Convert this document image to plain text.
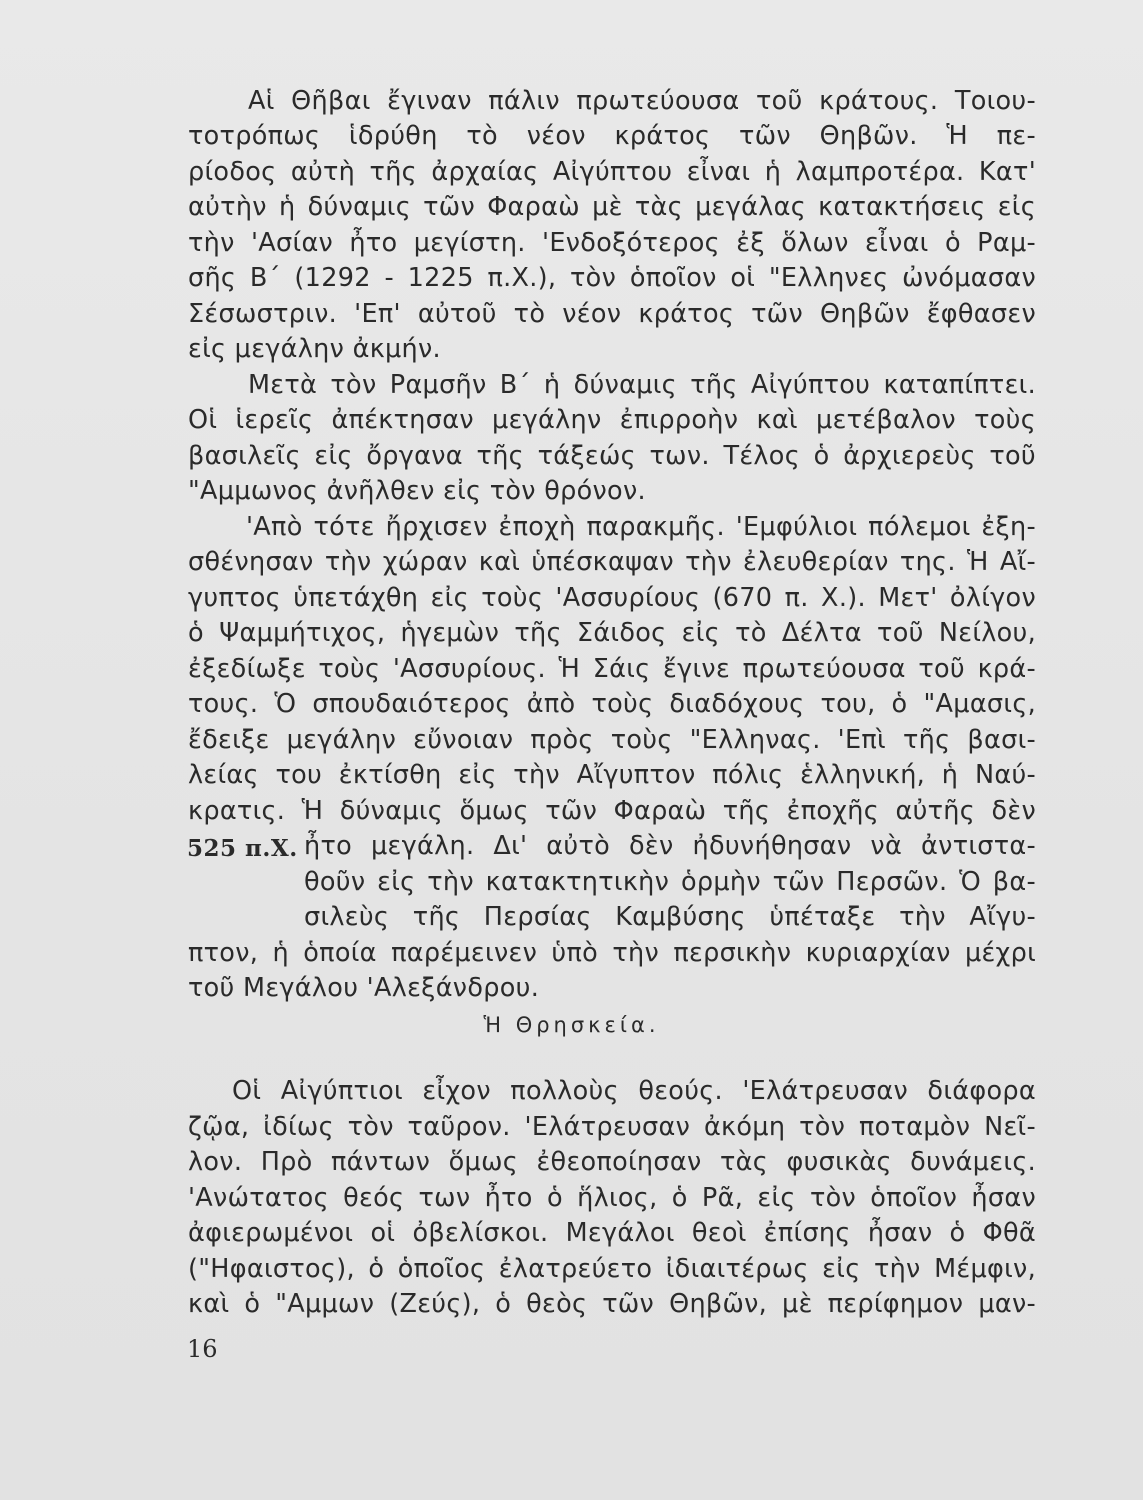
Αἱ Θῆβαι ἔγιναν πάλιν πρωτεύουσα τοῦ κράτους. Τοιου-
τοτρόπως ἱδρύθη τὸ νέον κράτος τῶν Θηβῶν. Ἡ πε-
ρίοδος αὐτὴ τῆς ἀρχαίας Αἰγύπτου εἶναι ἡ λαμπροτέρα. Κατ'
αὐτὴν ἡ δύναμις τῶν Φαραὼ μὲ τὰς μεγάλας κατακτήσεις εἰς
τὴν 'Ασίαν ἦτο μεγίστη. 'Ενδοξότερος ἐξ ὅλων εἶναι ὁ Ραμ-
σῆς Β΄ (1292 - 1225 π.Χ.), τὸν ὁποῖον οἱ "Ελληνες ὠνόμασαν
Σέσωστριν. 'Επ' αὐτοῦ τὸ νέον κράτος τῶν Θηβῶν ἔφθασεν
εἰς μεγάλην ἀκμήν.
Μετὰ τὸν Ραμσῆν Β΄ ἡ δύναμις τῆς Αἰγύπτου καταπίπτει.
Οἱ ἱερεῖς ἀπέκτησαν μεγάλην ἐπιρροὴν καὶ μετέβαλον τοὺς
βασιλεῖς εἰς ὄργανα τῆς τάξεώς των. Τέλος ὁ ἀρχιερεὺς τοῦ
"Αμμωνος ἀνῆλθεν εἰς τὸν θρόνον.
'Απὸ τότε ἤρχισεν ἐποχὴ παρακμῆς. 'Εμφύλιοι πόλεμοι ἐξη-
σθένησαν τὴν χώραν καὶ ὑπέσκαψαν τὴν ἐλευθερίαν της. Ἡ Αἴ-
γυπτος ὑπετάχθη εἰς τοὺς 'Ασσυρίους (670 π. Χ.). Μετ' ὀλίγον
ὁ Ψαμμήτιχος, ἡγεμὼν τῆς Σάιδος εἰς τὸ Δέλτα τοῦ Νείλου,
ἐξεδίωξε τοὺς 'Ασσυρίους. Ἡ Σάις ἔγινε πρωτεύουσα τοῦ κρά-
τους. Ὁ σπουδαιότερος ἀπὸ τοὺς διαδόχους του, ὁ "Αμασις,
ἔδειξε μεγάλην εὔνοιαν πρὸς τοὺς "Ελληνας. 'Επὶ τῆς βασι-
λείας του ἐκτίσθη εἰς τὴν Αἴγυπτον πόλις ἑλληνική, ἡ Ναύ-
κρατις. Ἡ δύναμις ὅμως τῶν Φαραὼ τῆς ἐποχῆς αὐτῆς δὲν
ἦτο μεγάλη. Δι' αὐτὸ δὲν ἠδυνήθησαν νὰ ἀντιστα-
θοῦν εἰς τὴν κατακτητικὴν ὁρμὴν τῶν Περσῶν. Ὁ βα-
σιλεὺς τῆς Περσίας Καμβύσης ὑπέταξε τὴν Αἴγυ-
πτον, ἡ ὁποία παρέμεινεν ὑπὸ τὴν περσικὴν κυριαρχίαν μέχρι
τοῦ Μεγάλου 'Αλεξάνδρου.
525 π.Χ.
Ἡ Θρησκεία.
Οἱ Αἰγύπτιοι εἶχον πολλοὺς θεούς. 'Ελάτρευσαν διάφορα
ζῷα, ἰδίως τὸν ταῦρον. 'Ελάτρευσαν ἀκόμη τὸν ποταμὸν Νεῖ-
λον. Πρὸ πάντων ὅμως ἐθεοποίησαν τὰς φυσικὰς δυνάμεις.
'Ανώτατος θεός των ἦτο ὁ ἥλιος, ὁ Ρᾶ, εἰς τὸν ὁποῖον ἦσαν
ἀφιερωμένοι οἱ ὀβελίσκοι. Μεγάλοι θεοὶ ἐπίσης ἦσαν ὁ Φθᾶ
("Ηφαιστος), ὁ ὁποῖος ἐλατρεύετο ἰδιαιτέρως εἰς τὴν Μέμφιν,
καὶ ὁ "Αμμων (Ζεύς), ὁ θεὸς τῶν Θηβῶν, μὲ περίφημον μαν-
16
